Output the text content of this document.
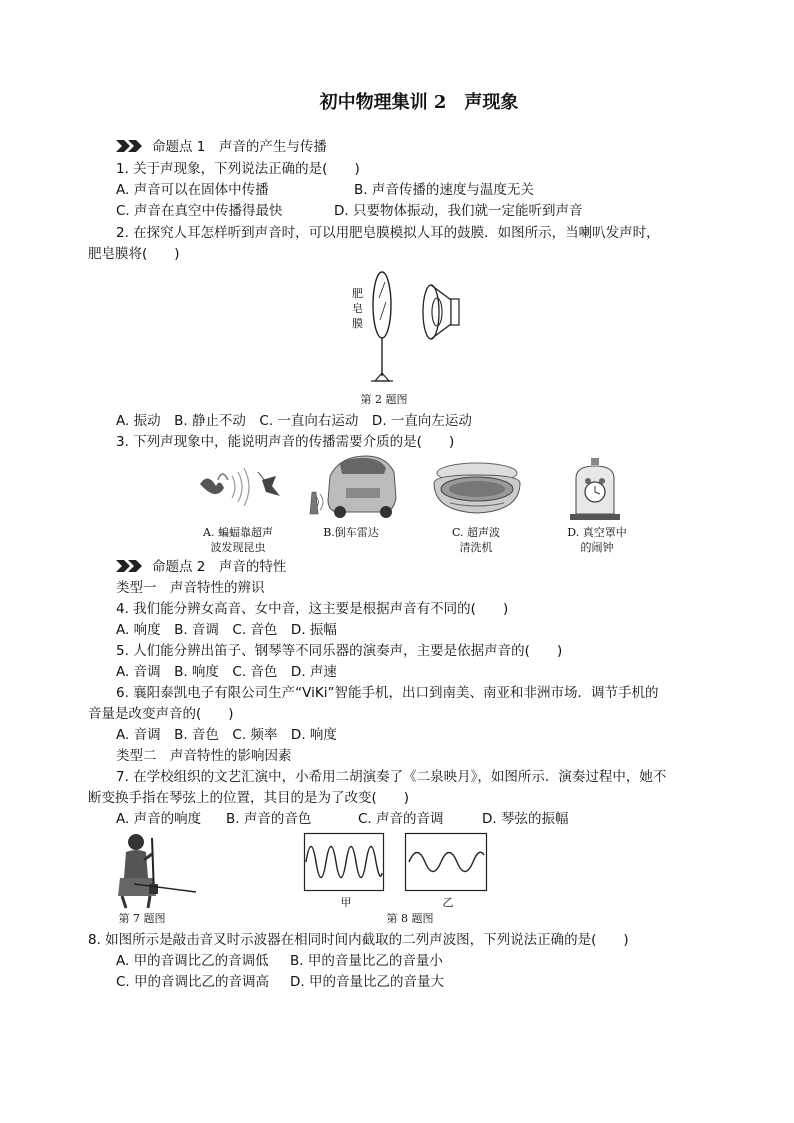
初中物理集训 2　声现象
命题点 1　声音的产生与传播
1. 关于声现象，下列说法正确的是(　　)
A. 声音可以在固体中传播	B. 声音传播的速度与温度无关
C. 声音在真空中传播得最快	D. 只要物体振动，我们就一定能听到声音
2. 在探究人耳怎样听到声音时，可以用肥皂膜模拟人耳的鼓膜．如图所示，当喇叭发声时，
肥皂膜将(　　)
肥
皂
膜
第 2 题图
A. 振动　B. 静止不动　C. 一直向右运动　D. 一直向左运动
3. 下列声现象中，能说明声音的传播需要介质的是(　　)
A. 蝙蝠靠超声
波发现昆虫
B.倒车雷达	C. 超声波
清洗机
D. 真空罩中
的闹钟
命题点 2　声音的特性
类型一　声音特性的辨识
4. 我们能分辨女高音、女中音，这主要是根据声音有不同的(　　)
A. 响度　B. 音调　C. 音色　D. 振幅
5. 人们能分辨出笛子、钢琴等不同乐器的演奏声，主要是依据声音的(　　)
A. 音调　B. 响度　C. 音色　D. 声速
6. 襄阳泰凯电子有限公司生产“ViKi”智能手机，出口到南美、南亚和非洲市场．调节手机的
音量是改变声音的(　　)
A. 音调　B. 音色　C. 频率　D. 响度
类型二　声音特性的影响因素
7. 在学校组织的文艺汇演中，小希用二胡演奏了《二泉映月》，如图所示．演奏过程中，她不
断变换手指在琴弦上的位置，其目的是为了改变(　　)
A. 声音的响度 B. 声音的音色	C. 声音的音调	D. 琴弦的振幅
第 7 题图
甲	乙
第 8 题图
8. 如图所示是敲击音叉时示波器在相同时间内截取的二列声波图，下列说法正确的是(　　)
A. 甲的音调比乙的音调低 B. 甲的音量比乙的音量小
C. 甲的音调比乙的音调高 D. 甲的音量比乙的音量大
